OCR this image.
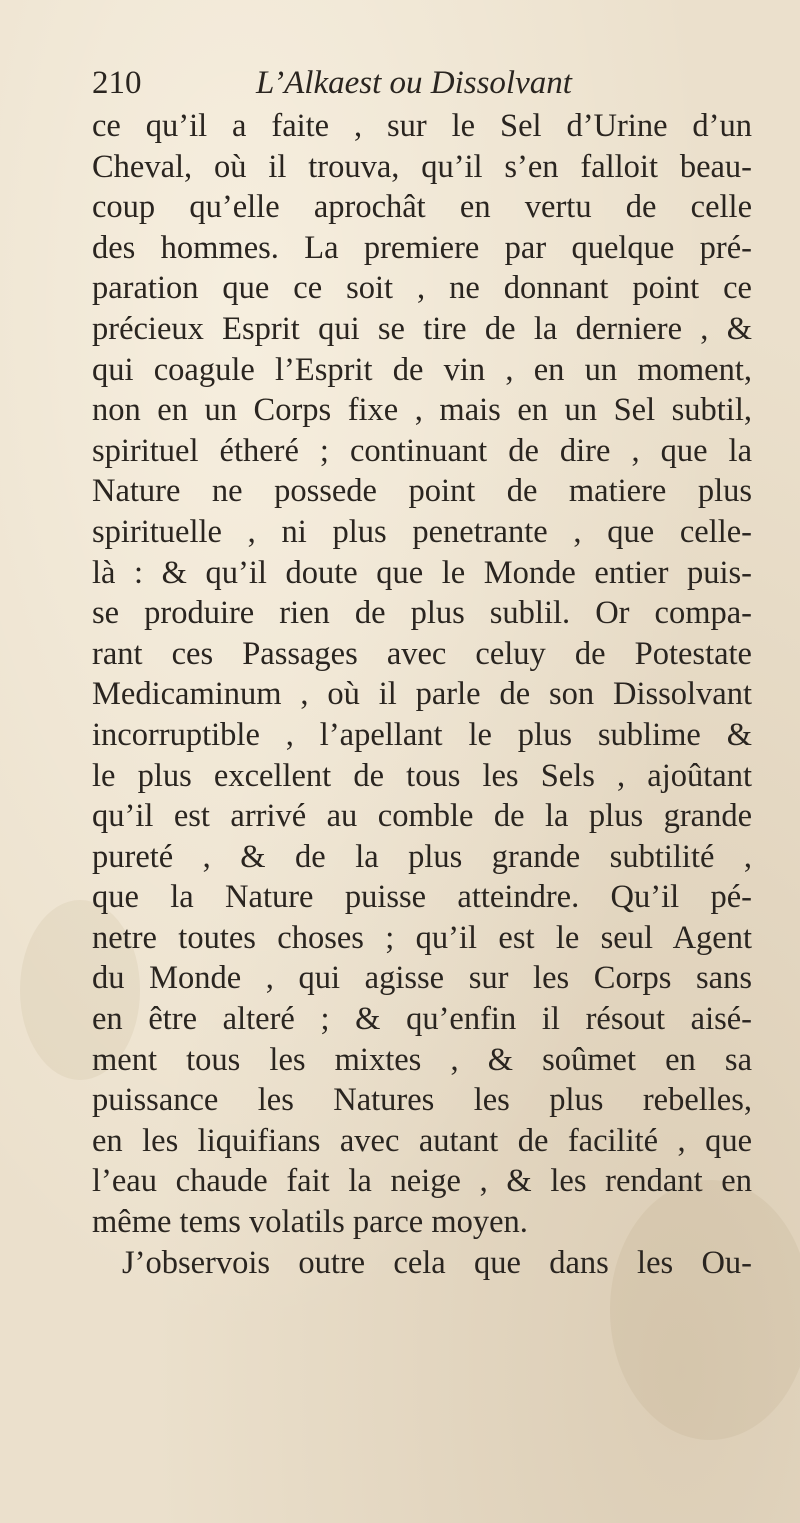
210	L’Alkaest ou Dissolvant
ce qu’il a faite , sur le Sel d’Urine d’un
Cheval, où il trouva, qu’il s’en falloit beau-
coup qu’elle aprochât en vertu de celle
des hommes. La premiere par quelque pré-
paration que ce soit , ne donnant point ce
précieux Esprit qui se tire de la derniere , &
qui coagule l’Esprit de vin , en un moment,
non en un Corps fixe , mais en un Sel subtil,
spirituel étheré ; continuant de dire , que la
Nature ne possede point de matiere plus
spirituelle , ni plus penetrante , que celle-
là : & qu’il doute que le Monde entier puis-
se produire rien de plus sublil. Or compa-
rant ces Passages avec celuy de Potestate
Medicaminum , où il parle de son Dissolvant
incorruptible , l’apellant le plus sublime &
le plus excellent de tous les Sels , ajoûtant
qu’il est arrivé au comble de la plus grande
pureté , & de la plus grande subtilité ,
que la Nature puisse atteindre. Qu’il pé-
netre toutes choses ; qu’il est le seul Agent
du Monde , qui agisse sur les Corps sans
en être alteré ; & qu’enfin il résout aisé-
ment tous les mixtes , & soûmet en sa
puissance les Natures les plus rebelles,
en les liquifians avec autant de facilité , que
l’eau chaude fait la neige , & les rendant en
même tems volatils parce moyen.
J’observois outre cela que dans les Ou-
